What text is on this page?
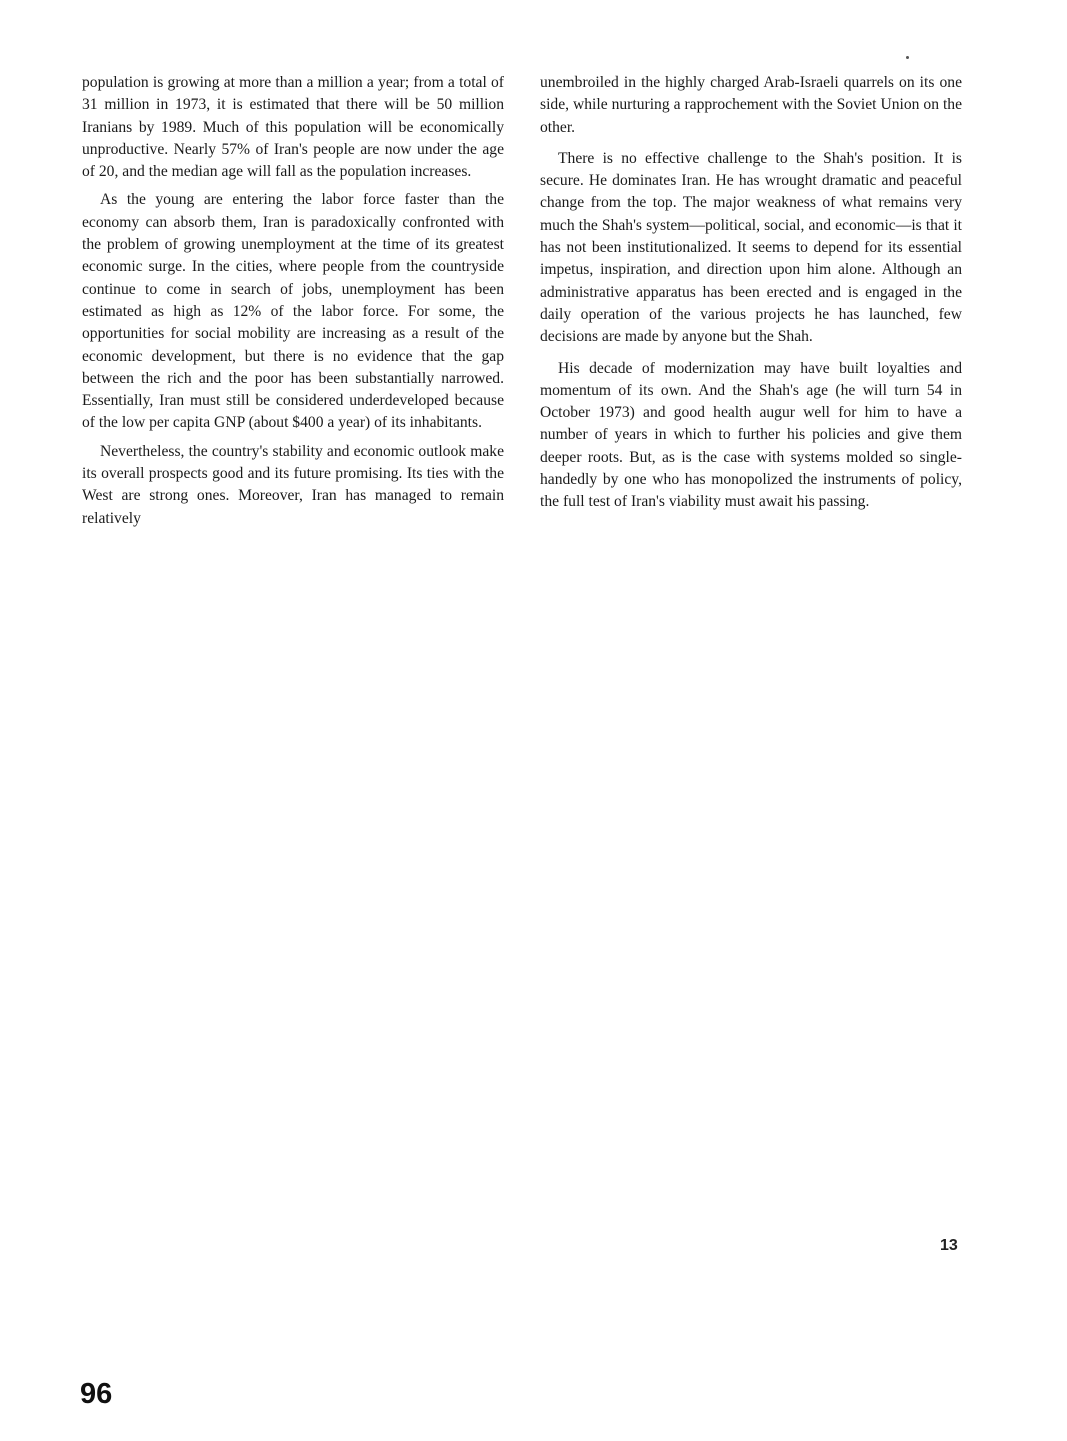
population is growing at more than a million a year; from a total of 31 million in 1973, it is estimated that there will be 50 million Iranians by 1989. Much of this population will be economically unproductive. Nearly 57% of Iran's people are now under the age of 20, and the median age will fall as the population increases.

As the young are entering the labor force faster than the economy can absorb them, Iran is paradoxically confronted with the problem of growing unemployment at the time of its greatest economic surge. In the cities, where people from the countryside continue to come in search of jobs, unemployment has been estimated as high as 12% of the labor force. For some, the opportunities for social mobility are increasing as a result of the economic development, but there is no evidence that the gap between the rich and the poor has been substantially narrowed. Essentially, Iran must still be considered underdeveloped because of the low per capita GNP (about $400 a year) of its inhabitants.

Nevertheless, the country's stability and economic outlook make its overall prospects good and its future promising. Its ties with the West are strong ones. Moreover, Iran has managed to remain relatively

unembroiled in the highly charged Arab-Israeli quarrels on its one side, while nurturing a rapprochement with the Soviet Union on the other.

There is no effective challenge to the Shah's position. It is secure. He dominates Iran. He has wrought dramatic and peaceful change from the top. The major weakness of what remains very much the Shah's system—political, social, and economic—is that it has not been institutionalized. It seems to depend for its essential impetus, inspiration, and direction upon him alone. Although an administrative apparatus has been erected and is engaged in the daily operation of the various projects he has launched, few decisions are made by anyone but the Shah.

His decade of modernization may have built loyalties and momentum of its own. And the Shah's age (he will turn 54 in October 1973) and good health augur well for him to have a number of years in which to further his policies and give them deeper roots. But, as is the case with systems molded so single-handedly by one who has monopolized the instruments of policy, the full test of Iran's viability must await his passing.

13
96
